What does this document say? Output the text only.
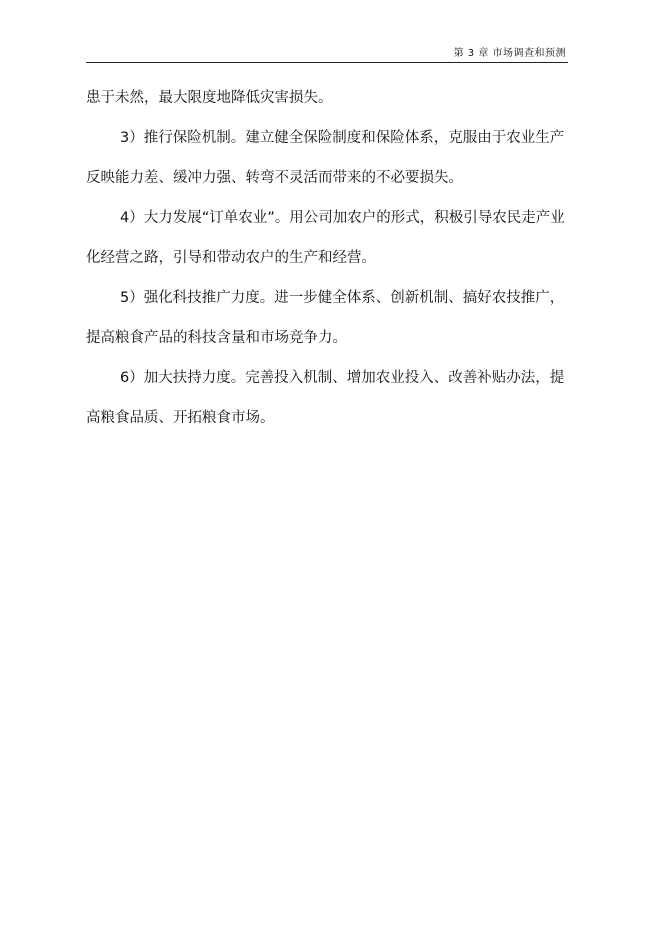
第 3 章 市场调查和预测

患于未然，最大限度地降低灾害损失。

3）推行保险机制。建立健全保险制度和保险体系，克服由于农业生产反映能力差、缓冲力强、转弯不灵活而带来的不必要损失。

4）大力发展“订单农业”。用公司加农户的形式，积极引导农民走产业化经营之路，引导和带动农户的生产和经营。

5）强化科技推广力度。进一步健全体系、创新机制、搞好农技推广，提高粮食产品的科技含量和市场竞争力。

6）加大扶持力度。完善投入机制、增加农业投入、改善补贴办法，提高粮食品质、开拓粮食市场。
